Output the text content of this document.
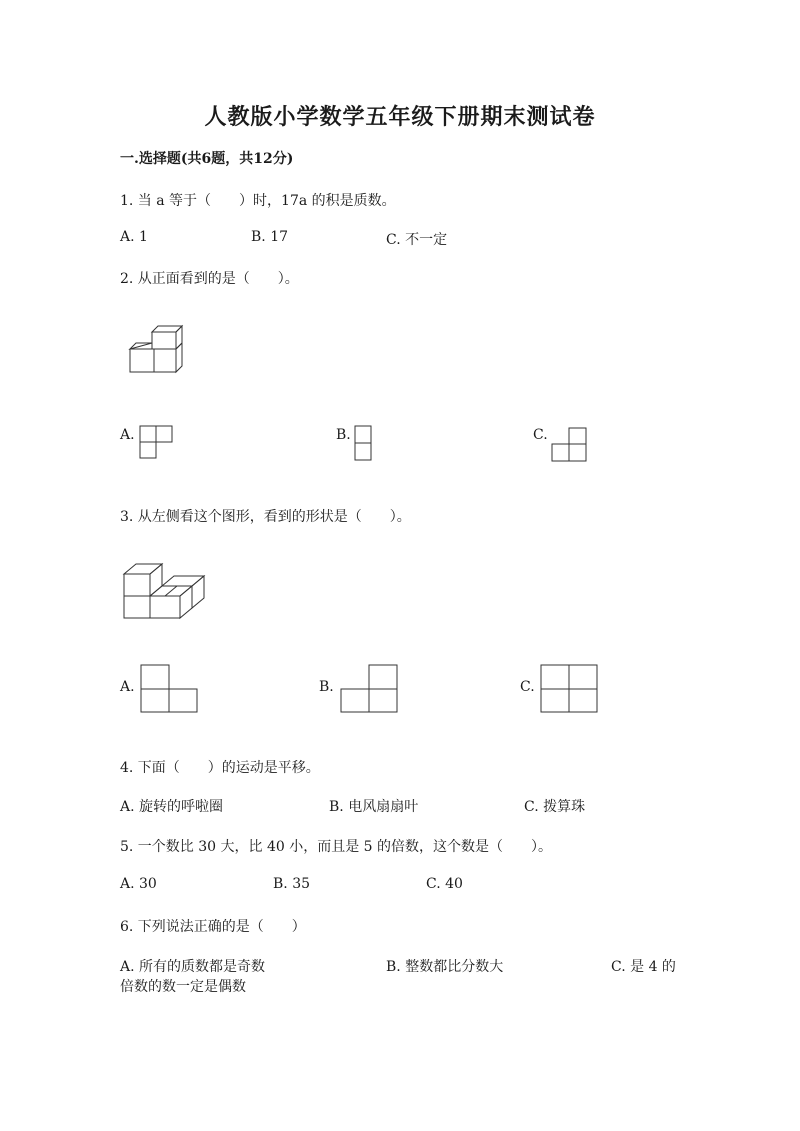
人教版小学数学五年级下册期末测试卷
一.选择题(共6题，共12分)
1. 当 a 等于（　　）时，17a 的积是质数。
A. 1	B. 17	C. 不一定
2. 从正面看到的是（　　）。
A.	B.	C.
3. 从左侧看这个图形，看到的形状是（　　）。
A.	B.	C.
4. 下面（　　）的运动是平移。
A. 旋转的呼啦圈	B. 电风扇扇叶	C. 拨算珠
5. 一个数比 30 大，比 40 小，而且是 5 的倍数，这个数是（　　）。
A. 30	B. 35	C. 40
6. 下列说法正确的是（　　）
A. 所有的质数都是奇数	B. 整数都比分数大	C. 是 4 的
倍数的数一定是偶数
